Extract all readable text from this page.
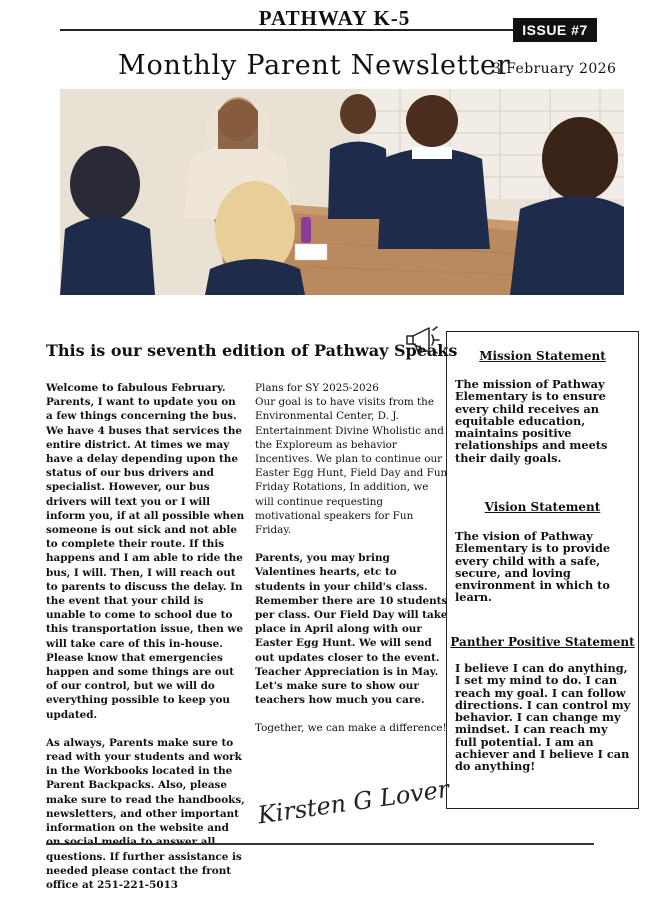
PATHWAY K-5	ISSUE #7
Monthly Parent Newsletter
3 February 2026
This is our seventh edition of Pathway Speaks

Welcome to fabulous February. Parents, I want to update you on a few things concerning the bus. We have 4 buses that services the entire district. At times we may have a delay depending upon the status of our bus drivers and specialist. However, our bus drivers will text you or I will inform you, if at all possible when someone is out sick and not able to complete their route. If this happens and I am able to ride the bus, I will. Then, I will reach out to parents to discuss the delay. In the event that your child is unable to come to school due to this transportation issue, then we will take care of this in-house. Please know that emergencies happen and some things are out of our control, but we will do everything possible to keep you updated.

As always, Parents make sure to read with your students and work in the Workbooks located in the Parent Backpacks. Also, please make sure to read the handbooks, newsletters, and other important information on the website and questions. If further assistance is needed please contact the front office at 251-221-5013

Plans for SY 2025-2026

Our goal is to have visits from the Environmental Center, D. J. Entertainment Divine Wholistic and the Exploreum as behavior Incentives. We plan to continue our Easter Egg Hunt, Field Day and Fun Friday Rotations, In addition, we will continue requesting motivational speakers for Fun Friday.

Parents, you may bring Valentines hearts, etc to students in your child's class. Remember there are 10 students per class. Our Field Day will take place in April along with our Easter Egg Hunt. We will send out updates closer to the event. Teacher Appreciation is in May. Let's make sure to show our teachers how much you care.

Together, we can make a difference!

Mission Statement
The mission of Pathway Elementary is to ensure every child receives an equitable education, maintains positive relationships and meets their daily goals.
Vision Statement
The vision of Pathway Elementary is to provide every child with a safe, secure, and loving environment in which to learn.
Panther Positive Statement
I believe I can do anything, I set my mind to do. I can reach my goal. I can follow directions. I can control my behavior. I can change my mindset. I can reach my full potential. I am an achiever and I believe I can do anything!
Kirsten G Lover
